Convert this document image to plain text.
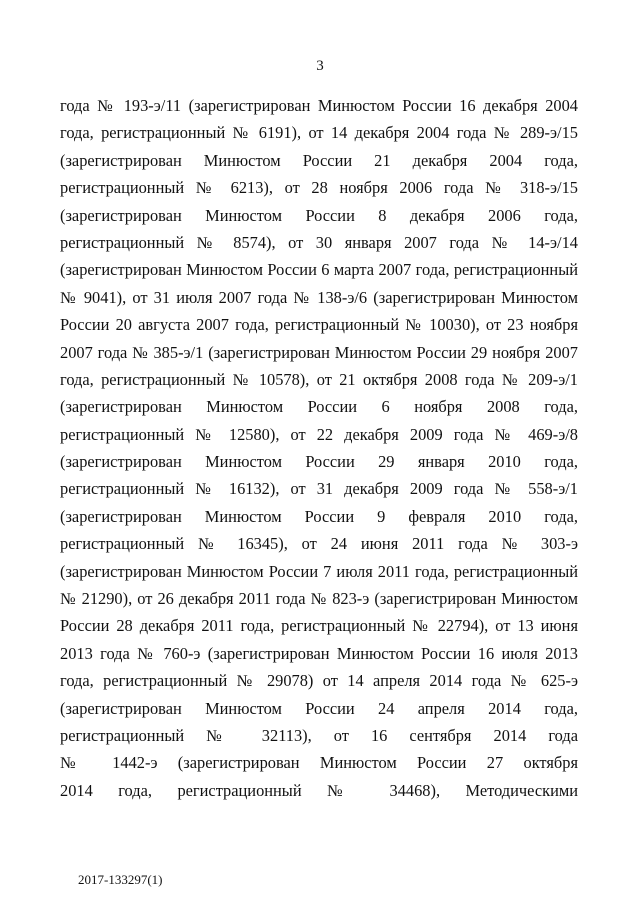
3
года № 193-э/11 (зарегистрирован Минюстом России 16 декабря 2004
года, регистрационный № 6191), от 14 декабря 2004 года № 289-э/15
(зарегистрирован Минюстом России 21 декабря 2004 года,
регистрационный № 6213), от 28 ноября 2006 года № 318-э/15
(зарегистрирован Минюстом России 8 декабря 2006 года,
регистрационный № 8574), от 30 января 2007 года № 14-э/14
(зарегистрирован Минюстом России 6 марта 2007 года, регистрационный
№ 9041), от 31 июля 2007 года № 138-э/6 (зарегистрирован Минюстом
России 20 августа 2007 года, регистрационный № 10030), от 23 ноября
2007 года № 385-э/1 (зарегистрирован Минюстом России 29 ноября 2007
года, регистрационный № 10578), от 21 октября 2008 года № 209-э/1
(зарегистрирован Минюстом России 6 ноября 2008 года,
регистрационный № 12580), от 22 декабря 2009 года № 469-э/8
(зарегистрирован Минюстом России 29 января 2010 года,
регистрационный № 16132), от 31 декабря 2009 года № 558-э/1
(зарегистрирован Минюстом России 9 февраля 2010 года,
регистрационный № 16345), от 24 июня 2011 года № 303-э
(зарегистрирован Минюстом России 7 июля 2011 года, регистрационный
№ 21290), от 26 декабря 2011 года № 823-э (зарегистрирован Минюстом
России 28 декабря 2011 года, регистрационный № 22794), от 13 июня
2013 года № 760-э (зарегистрирован Минюстом России 16 июля 2013
года, регистрационный № 29078) от 14 апреля 2014 года № 625-э
(зарегистрирован Минюстом России 24 апреля 2014 года,
регистрационный № 32113), от 16 сентября 2014 года
№ 1442-э (зарегистрирован Минюстом России 27 октября
2014 года, регистрационный № 34468), Методическими
2017-133297(1)
